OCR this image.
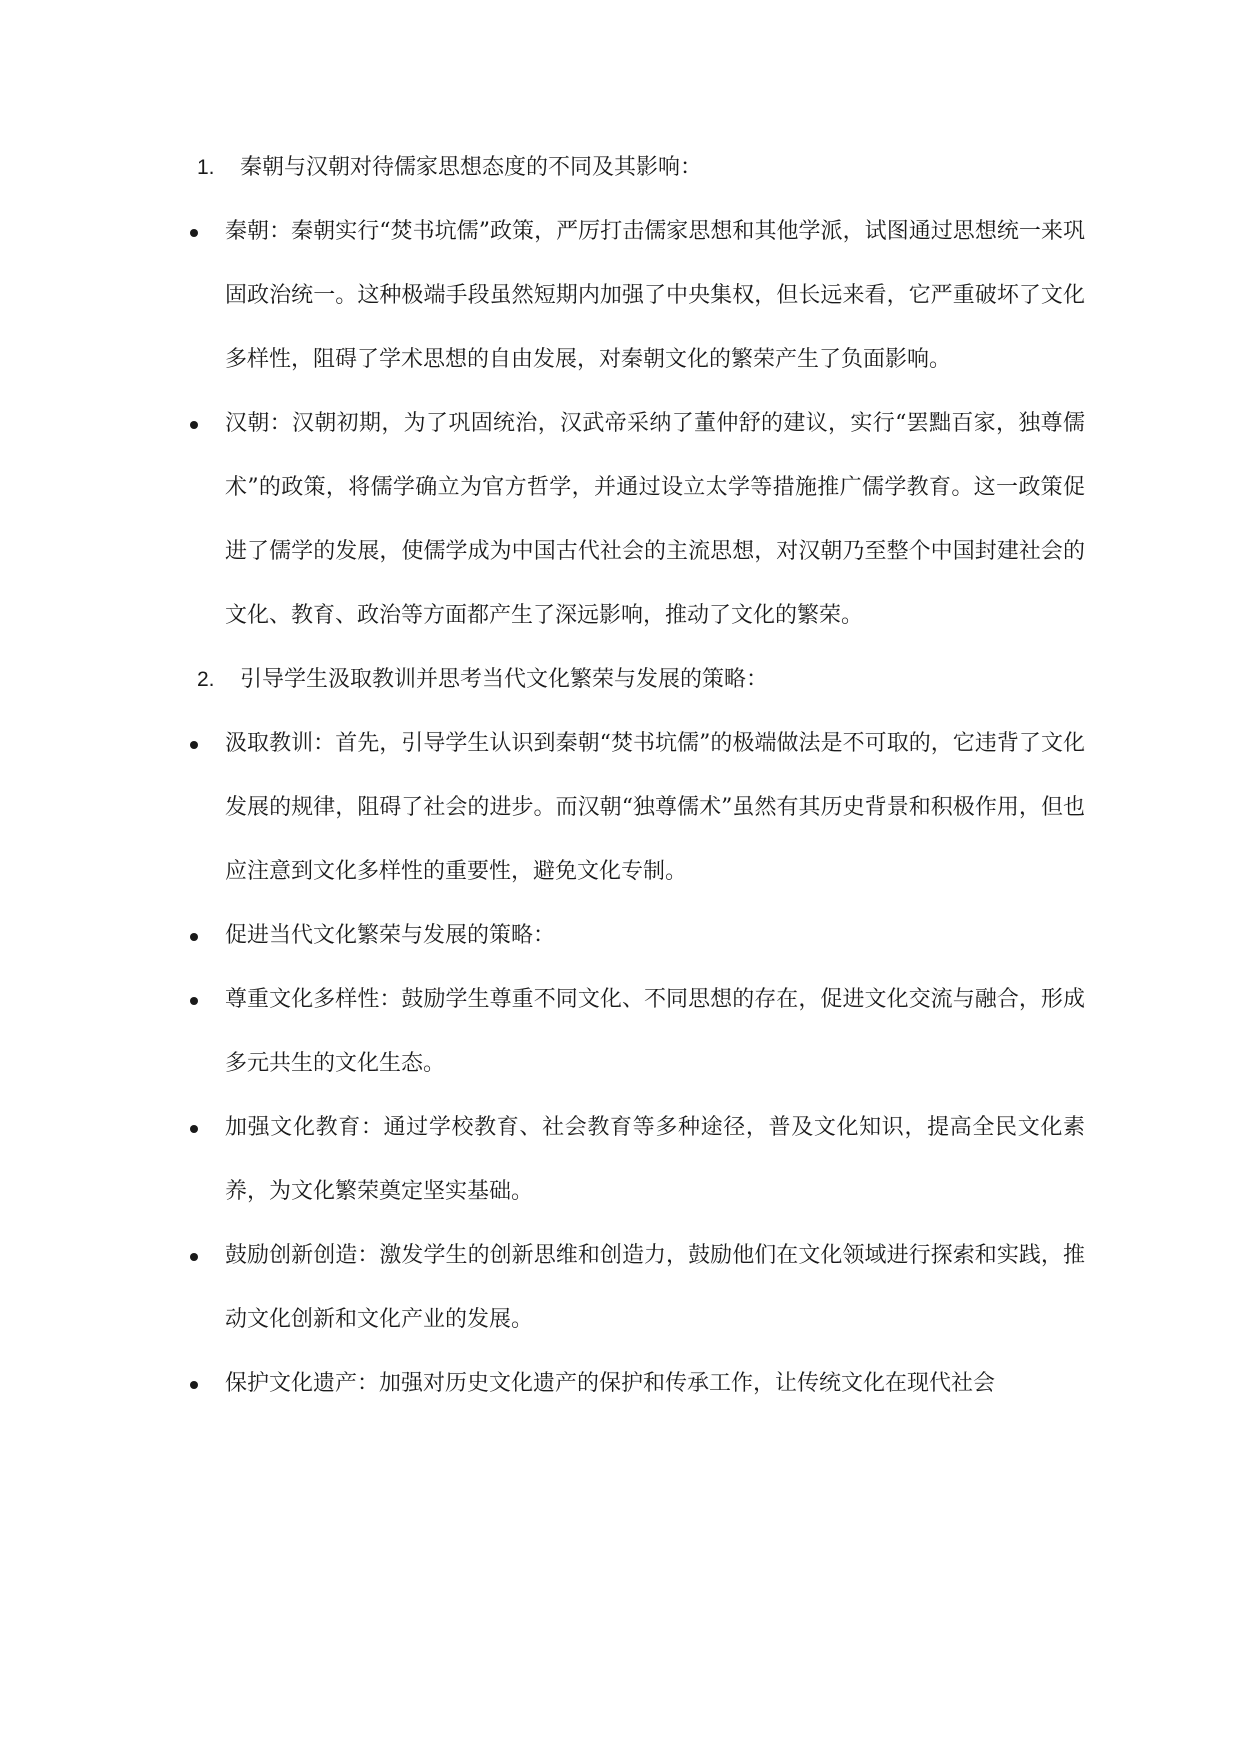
1. 秦朝与汉朝对待儒家思想态度的不同及其影响：
秦朝：秦朝实行“焚书坑儒”政策，严厉打击儒家思想和其他学派，试图通过思想统一来巩固政治统一。这种极端手段虽然短期内加强了中央集权，但长远来看，它严重破坏了文化多样性，阻碍了学术思想的自由发展，对秦朝文化的繁荣产生了负面影响。
汉朝：汉朝初期，为了巩固统治，汉武帝采纳了董仲舒的建议，实行“罢黜百家，独尊儒术”的政策，将儒学确立为官方哲学，并通过设立太学等措施推广儒学教育。这一政策促进了儒学的发展，使儒学成为中国古代社会的主流思想，对汉朝乃至整个中国封建社会的文化、教育、政治等方面都产生了深远影响，推动了文化的繁荣。
2. 引导学生汲取教训并思考当代文化繁荣与发展的策略：
汲取教训：首先，引导学生认识到秦朝“焚书坑儒”的极端做法是不可取的，它违背了文化发展的规律，阻碍了社会的进步。而汉朝“独尊儒术”虽然有其历史背景和积极作用，但也应注意到文化多样性的重要性，避免文化专制。
促进当代文化繁荣与发展的策略：
尊重文化多样性：鼓励学生尊重不同文化、不同思想的存在，促进文化交流与融合，形成多元共生的文化生态。
加强文化教育：通过学校教育、社会教育等多种途径，普及文化知识，提高全民文化素养，为文化繁荣奠定坚实基础。
鼓励创新创造：激发学生的创新思维和创造力，鼓励他们在文化领域进行探索和实践，推动文化创新和文化产业的发展。
保护文化遗产：加强对历史文化遗产的保护和传承工作，让传统文化在现代社会
